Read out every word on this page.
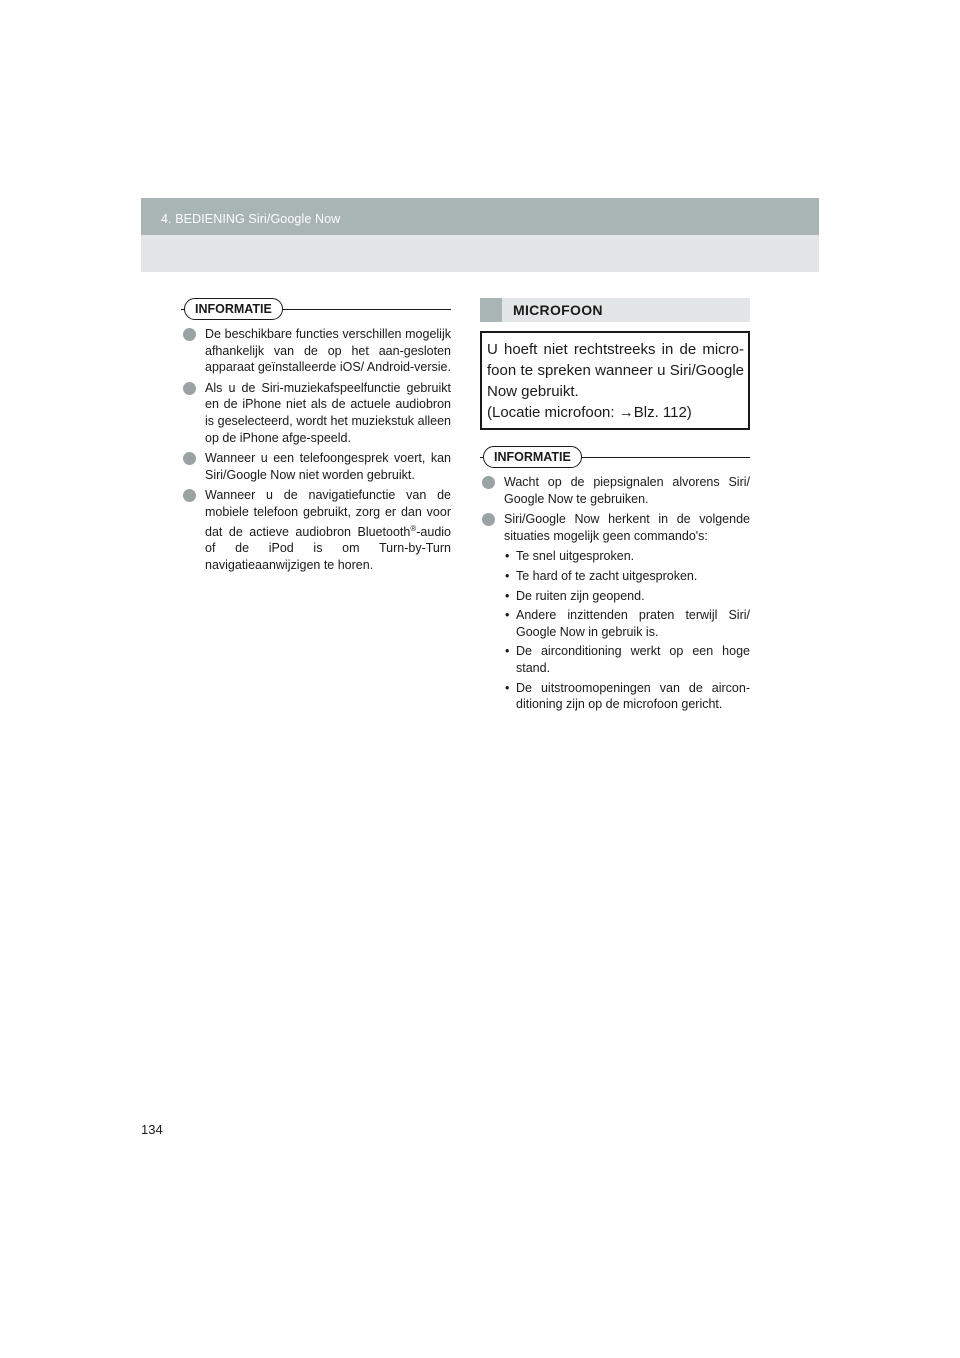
4. BEDIENING Siri/Google Now
INFORMATIE
De beschikbare functies verschillen mogelijk afhankelijk van de op het aan-gesloten apparaat geïnstalleerde iOS/ Android-versie.
Als u de Siri-muziekafspeelfunctie gebruikt en de iPhone niet als de actuele audiobron is geselecteerd, wordt het muziekstuk alleen op de iPhone afge-speeld.
Wanneer u een telefoongesprek voert, kan Siri/Google Now niet worden gebruikt.
Wanneer u de navigatiefunctie van de mobiele telefoon gebruikt, zorg er dan voor dat de actieve audiobron Bluetooth®-audio of de iPod is om Turn-by-Turn navigatieaanwijzigen te horen.
MICROFOON
U hoeft niet rechtstreeks in de micro-foon te spreken wanneer u Siri/Google Now gebruikt.
(Locatie microfoon: →Blz. 112)
INFORMATIE
Wacht op de piepsignalen alvorens Siri/ Google Now te gebruiken.
Siri/Google Now herkent in de volgende situaties mogelijk geen commando's:
• Te snel uitgesproken.
• Te hard of te zacht uitgesproken.
• De ruiten zijn geopend.
• Andere inzittenden praten terwijl Siri/ Google Now in gebruik is.
• De airconditioning werkt op een hoge stand.
• De uitstroomopeningen van de aircon-ditioning zijn op de microfoon gericht.
134
